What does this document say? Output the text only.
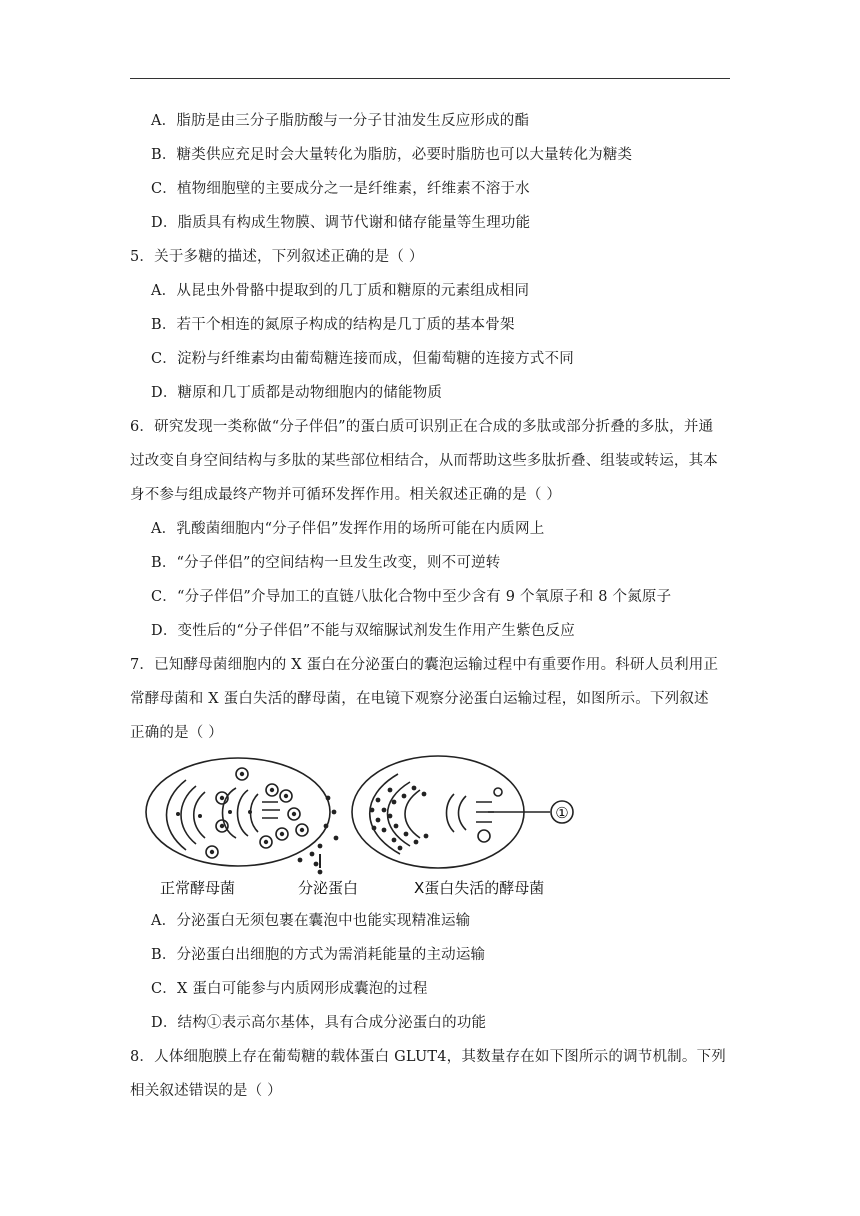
A．脂肪是由三分子脂肪酸与一分子甘油发生反应形成的酯
B．糖类供应充足时会大量转化为脂肪，必要时脂肪也可以大量转化为糖类
C．植物细胞壁的主要成分之一是纤维素，纤维素不溶于水
D．脂质具有构成生物膜、调节代谢和储存能量等生理功能
5．关于多糖的描述，下列叙述正确的是（ ）
A．从昆虫外骨骼中提取到的几丁质和糖原的元素组成相同
B．若干个相连的氮原子构成的结构是几丁质的基本骨架
C．淀粉与纤维素均由葡萄糖连接而成，但葡萄糖的连接方式不同
D．糖原和几丁质都是动物细胞内的储能物质
6．研究发现一类称做“分子伴侣”的蛋白质可识别正在合成的多肽或部分折叠的多肽，并通
过改变自身空间结构与多肽的某些部位相结合，从而帮助这些多肽折叠、组装或转运，其本
身不参与组成最终产物并可循环发挥作用。相关叙述正确的是（ ）
A．乳酸菌细胞内“分子伴侣”发挥作用的场所可能在内质网上
B．“分子伴侣”的空间结构一旦发生改变，则不可逆转
C．“分子伴侣”介导加工的直链八肽化合物中至少含有 9 个氧原子和 8 个氮原子
D．变性后的“分子伴侣”不能与双缩脲试剂发生作用产生紫色反应
7．已知酵母菌细胞内的 X 蛋白在分泌蛋白的囊泡运输过程中有重要作用。科研人员利用正
常酵母菌和 X 蛋白失活的酵母菌，在电镜下观察分泌蛋白运输过程，如图所示。下列叙述
正确的是（ ）
①
正常酵母菌	分泌蛋白	X蛋白失活的酵母菌
A．分泌蛋白无须包裹在囊泡中也能实现精准运输
B．分泌蛋白出细胞的方式为需消耗能量的主动运输
C．X 蛋白可能参与内质网形成囊泡的过程
D．结构①表示高尔基体，具有合成分泌蛋白的功能
8．人体细胞膜上存在葡萄糖的载体蛋白 GLUT4，其数量存在如下图所示的调节机制。下列
相关叙述错误的是（ ）
